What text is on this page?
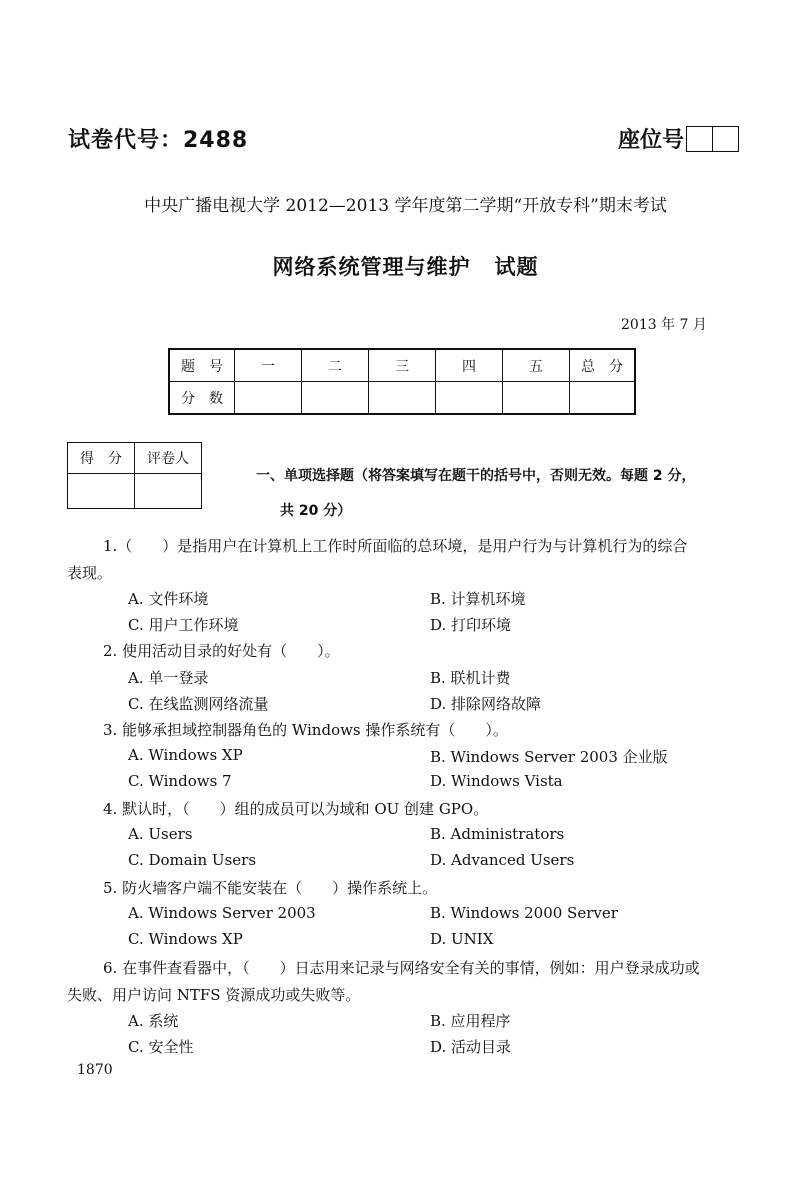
试卷代号：2488	座位号
中央广播电视大学 2012—2013 学年度第二学期“开放专科”期末考试
网络系统管理与维护 试题
2013 年 7 月
题　号	一	二	三	四	五	总　分
分　数						
得　分	评卷人

一、单项选择题（将答案填写在题干的括号中，否则无效。每题 2 分，
共 20 分）
1.（　　）是指用户在计算机上工作时所面临的总环境，是用户行为与计算机行为的综合
表现。
A. 文件环境	B. 计算机环境
C. 用户工作环境	D. 打印环境
2. 使用活动目录的好处有（　　）。
A. 单一登录	B. 联机计费
C. 在线监测网络流量	D. 排除网络故障
3. 能够承担域控制器角色的 Windows 操作系统有（　　）。
A. Windows XP	B. Windows Server 2003 企业版
C. Windows 7	D. Windows Vista
4. 默认时，（　　）组的成员可以为域和 OU 创建 GPO。
A. Users	B. Administrators
C. Domain Users	D. Advanced Users
5. 防火墙客户端不能安装在（　　）操作系统上。
A. Windows Server 2003	B. Windows 2000 Server
C. Windows XP	D. UNIX
6. 在事件查看器中，（　　）日志用来记录与网络安全有关的事情，例如：用户登录成功或
失败、用户访问 NTFS 资源成功或失败等。
A. 系统	B. 应用程序
C. 安全性	D. 活动目录
1870
